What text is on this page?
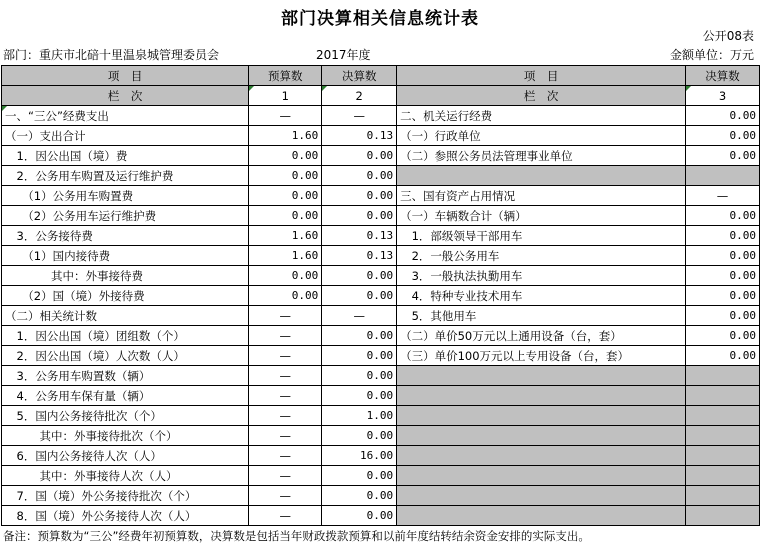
部门决算相关信息统计表
公开08表
部门：重庆市北碚十里温泉城管理委员会	2017年度	金额单位：万元
项　目	预算数	决算数	项　目	决算数
栏　次	1	2	栏　次	3
一、“三公”经费支出	—	—	二、机关运行经费	0.00
（一）支出合计	1.60	0.13	（一）行政单位	0.00
　1．因公出国（境）费	0.00	0.00	（二）参照公务员法管理事业单位	0.00
　2．公务用车购置及运行维护费	0.00	0.00		
　　（1）公务用车购置费	0.00	0.00	三、国有资产占用情况	—
　　（2）公务用车运行维护费	0.00	0.00	（一）车辆数合计（辆）	0.00
　3．公务接待费	1.60	0.13	　1．部级领导干部用车	0.00
　　（1）国内接待费	1.60	0.13	　2．一般公务用车	0.00
　　　　其中：外事接待费	0.00	0.00	　3．一般执法执勤用车	0.00
　　（2）国（境）外接待费	0.00	0.00	　4．特种专业技术用车	0.00
（二）相关统计数	—	—	　5．其他用车	0.00
　1．因公出国（境）团组数（个）	—	0.00	（二）单价50万元以上通用设备（台，套）	0.00
　2．因公出国（境）人次数（人）	—	0.00	（三）单价100万元以上专用设备（台，套）	0.00
　3．公务用车购置数（辆）	—	0.00		
　4．公务用车保有量（辆）	—	0.00		
　5．国内公务接待批次（个）	—	1.00		
　　　其中：外事接待批次（个）	—	0.00		
　6．国内公务接待人次（人）	—	16.00		
　　　其中：外事接待人次（人）	—	0.00		
　7．国（境）外公务接待批次（个）	—	0.00		
　8．国（境）外公务接待人次（人）	—	0.00		
备注：预算数为“三公”经费年初预算数，决算数是包括当年财政拨款预算和以前年度结转结余资金安排的实际支出。
